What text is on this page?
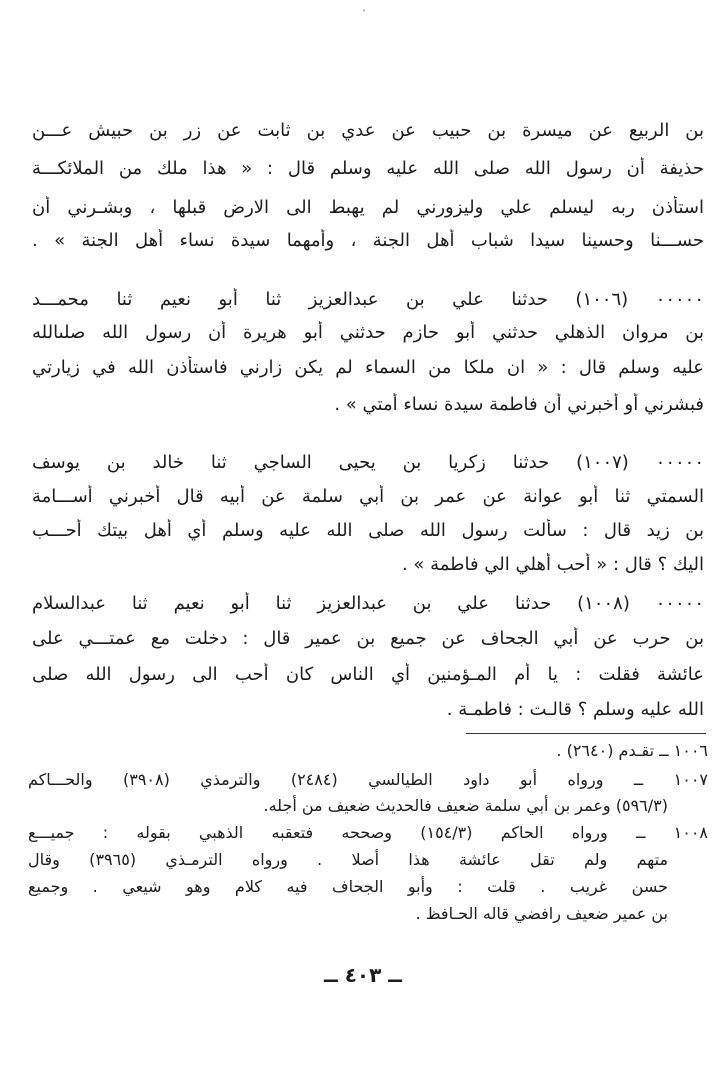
'
بن الربيع عن ميسرة بن حبيب عن عدي بن ثابت عن زر بن حبيش عـــن
حذيفة أن رسول الله صلى الله عليه وسلم قال : « هذا ملك من الملائكـــة
استأذن ربه ليسلم علي وليزورني لم يهبط الى الارض قبلها ، وبشـرني أن
حســـنا وحسينا سيدا شباب أهل الجنة ، وأمهما سيدة نساء أهل الجنة » .
٠٠٠٠٠ (١٠٠٦) حدثنا علي بن عبدالعزيز ثنا أبو نعيم ثنا محمـــد
بن مروان الذهلي حدثني أبو حازم حدثني أبو هريرة أن رسول الله صلىالله
عليه وسلم قال : « ان ملكا من السماء لم يكن زارني فاستأذن الله في زيارتي
فبشرني أو أخبرني أن فاطمة سيدة نساء أمتي » .
٠٠٠٠٠ (١٠٠٧) حدثنا زكريا بن يحيى الساجي ثنا خالد بن يوسف
السمتي ثنا أبو عوانة عن عمر بن أبي سلمة عن أبيه قال أخبرني أســـامة
بن زيد قال : سألت رسول الله صلى الله عليه وسلم أي أهل بيتك أحـــب
اليك ؟ قال : « أحب أهلي الي فاطمة » .
٠٠٠٠٠ (١٠٠٨) حدثنا علي بن عبدالعزيز ثنا أبو نعيم ثنا عبدالسلام
بن حرب عن أبي الجحاف عن جميع بن عمير قال : دخلت مع عمتـــي على
عائشة فقلت : يا أم المـؤمنين أي الناس كان أحب الى رسول الله صلى
الله عليه وسلم ؟ قالـت : فاطمـة .
١٠٠٦ ــ تقـدم (٢٦٤٠) .
١٠٠٧ ــ ورواه أبو داود الطيالسي (٢٤٨٤) والترمذي (٣٩٠٨) والحـــاكم
(٥٩٦/٣) وعمر بن أبي سلمة ضعيف فالحديث ضعيف من أجله.
١٠٠٨ ــ ورواه الحاكم (١٥٤/٣) وصححه فتعقبه الذهبي بقوله : جميـــع
متهم ولم تقل عائشة هذا أصلا . ورواه الترمـذي (٣٩٦٥) وقال
حسن غريب . قلت : وأبو الجحاف فيه كلام وهو شيعي . وجميع
بن عمير ضعيف رافضي قاله الحـافظ .
ــ ٤٠٣ ــ
